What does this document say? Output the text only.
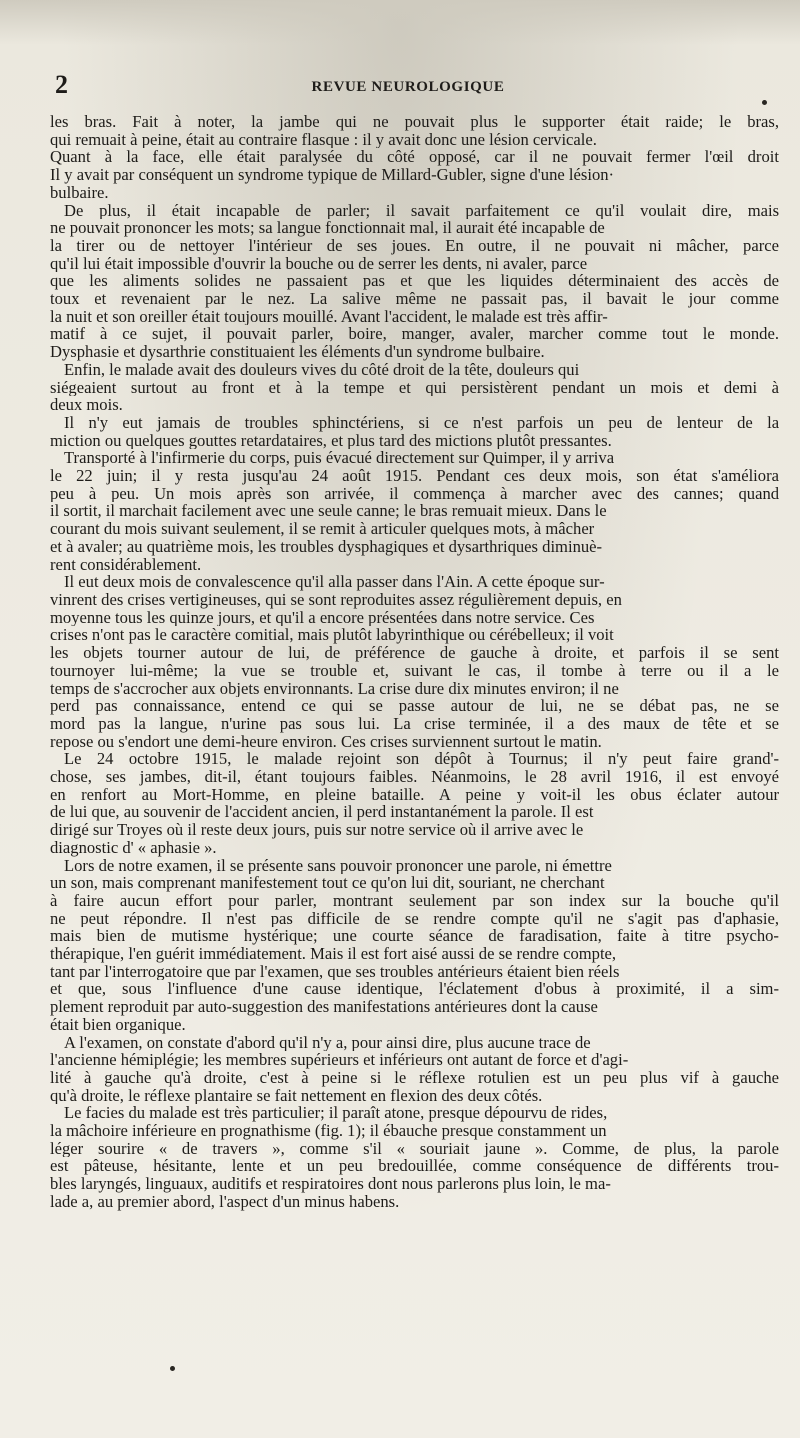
2	REVUE NEUROLOGIQUE
les bras. Fait à noter, la jambe qui ne pouvait plus le supporter était raide; le bras,
qui remuait à peine, était au contraire flasque : il y avait donc une lésion cervicale.
Quant à la face, elle était paralysée du côté opposé, car il ne pouvait fermer l'œil droit
Il y avait par conséquent un syndrome typique de Millard-Gubler, signe d'une lésion·
bulbaire.
De plus, il était incapable de parler; il savait parfaitement ce qu'il voulait dire, mais
ne pouvait prononcer les mots; sa langue fonctionnait mal, il aurait été incapable de
la tirer ou de nettoyer l'intérieur de ses joues. En outre, il ne pouvait ni mâcher, parce
qu'il lui était impossible d'ouvrir la bouche ou de serrer les dents, ni avaler, parce
que les aliments solides ne passaient pas et que les liquides déterminaient des accès de
toux et revenaient par le nez. La salive même ne passait pas, il bavait le jour comme
la nuit et son oreiller était toujours mouillé. Avant l'accident, le malade est très affir-
matif à ce sujet, il pouvait parler, boire, manger, avaler, marcher comme tout le monde.
Dysphasie et dysarthrie constituaient les éléments d'un syndrome bulbaire.
Enfin, le malade avait des douleurs vives du côté droit de la tête, douleurs qui
siégeaient surtout au front et à la tempe et qui persistèrent pendant un mois et demi à
deux mois.
Il n'y eut jamais de troubles sphinctériens, si ce n'est parfois un peu de lenteur de la
miction ou quelques gouttes retardataires, et plus tard des mictions plutôt pressantes.
Transporté à l'infirmerie du corps, puis évacué directement sur Quimper, il y arriva
le 22 juin; il y resta jusqu'au 24 août 1915. Pendant ces deux mois, son état s'améliora
peu à peu. Un mois après son arrivée, il commença à marcher avec des cannes; quand
il sortit, il marchait facilement avec une seule canne; le bras remuait mieux. Dans le
courant du mois suivant seulement, il se remit à articuler quelques mots, à mâcher
et à avaler; au quatrième mois, les troubles dysphagiques et dysarthriques diminuè-
rent considérablement.
Il eut deux mois de convalescence qu'il alla passer dans l'Ain. A cette époque sur-
vinrent des crises vertigineuses, qui se sont reproduites assez régulièrement depuis, en
moyenne tous les quinze jours, et qu'il a encore présentées dans notre service. Ces
crises n'ont pas le caractère comitial, mais plutôt labyrinthique ou cérébelleux; il voit
les objets tourner autour de lui, de préférence de gauche à droite, et parfois il se sent
tournoyer lui-même; la vue se trouble et, suivant le cas, il tombe à terre ou il a le
temps de s'accrocher aux objets environnants. La crise dure dix minutes environ; il ne
perd pas connaissance, entend ce qui se passe autour de lui, ne se débat pas, ne se
mord pas la langue, n'urine pas sous lui. La crise terminée, il a des maux de tête et se
repose ou s'endort une demi-heure environ. Ces crises surviennent surtout le matin.
Le 24 octobre 1915, le malade rejoint son dépôt à Tournus; il n'y peut faire grand'-
chose, ses jambes, dit-il, étant toujours faibles. Néanmoins, le 28 avril 1916, il est envoyé
en renfort au Mort-Homme, en pleine bataille. A peine y voit-il les obus éclater autour
de lui que, au souvenir de l'accident ancien, il perd instantanément la parole. Il est
dirigé sur Troyes où il reste deux jours, puis sur notre service où il arrive avec le
diagnostic d' « aphasie ».
Lors de notre examen, il se présente sans pouvoir prononcer une parole, ni émettre
un son, mais comprenant manifestement tout ce qu'on lui dit, souriant, ne cherchant
à faire aucun effort pour parler, montrant seulement par son index sur la bouche qu'il
ne peut répondre. Il n'est pas difficile de se rendre compte qu'il ne s'agit pas d'aphasie,
mais bien de mutisme hystérique; une courte séance de faradisation, faite à titre psycho-
thérapique, l'en guérit immédiatement. Mais il est fort aisé aussi de se rendre compte,
tant par l'interrogatoire que par l'examen, que ses troubles antérieurs étaient bien réels
et que, sous l'influence d'une cause identique, l'éclatement d'obus à proximité, il a sim-
plement reproduit par auto-suggestion des manifestations antérieures dont la cause
était bien organique.
A l'examen, on constate d'abord qu'il n'y a, pour ainsi dire, plus aucune trace de
l'ancienne hémiplégie; les membres supérieurs et inférieurs ont autant de force et d'agi-
lité à gauche qu'à droite, c'est à peine si le réflexe rotulien est un peu plus vif à gauche
qu'à droite, le réflexe plantaire se fait nettement en flexion des deux côtés.
Le facies du malade est très particulier; il paraît atone, presque dépourvu de rides,
la mâchoire inférieure en prognathisme (fig. 1); il ébauche presque constamment un
léger sourire « de travers », comme s'il « souriait jaune ». Comme, de plus, la parole
est pâteuse, hésitante, lente et un peu bredouillée, comme conséquence de différents trou-
bles laryngés, linguaux, auditifs et respiratoires dont nous parlerons plus loin, le ma-
lade a, au premier abord, l'aspect d'un minus habens.
